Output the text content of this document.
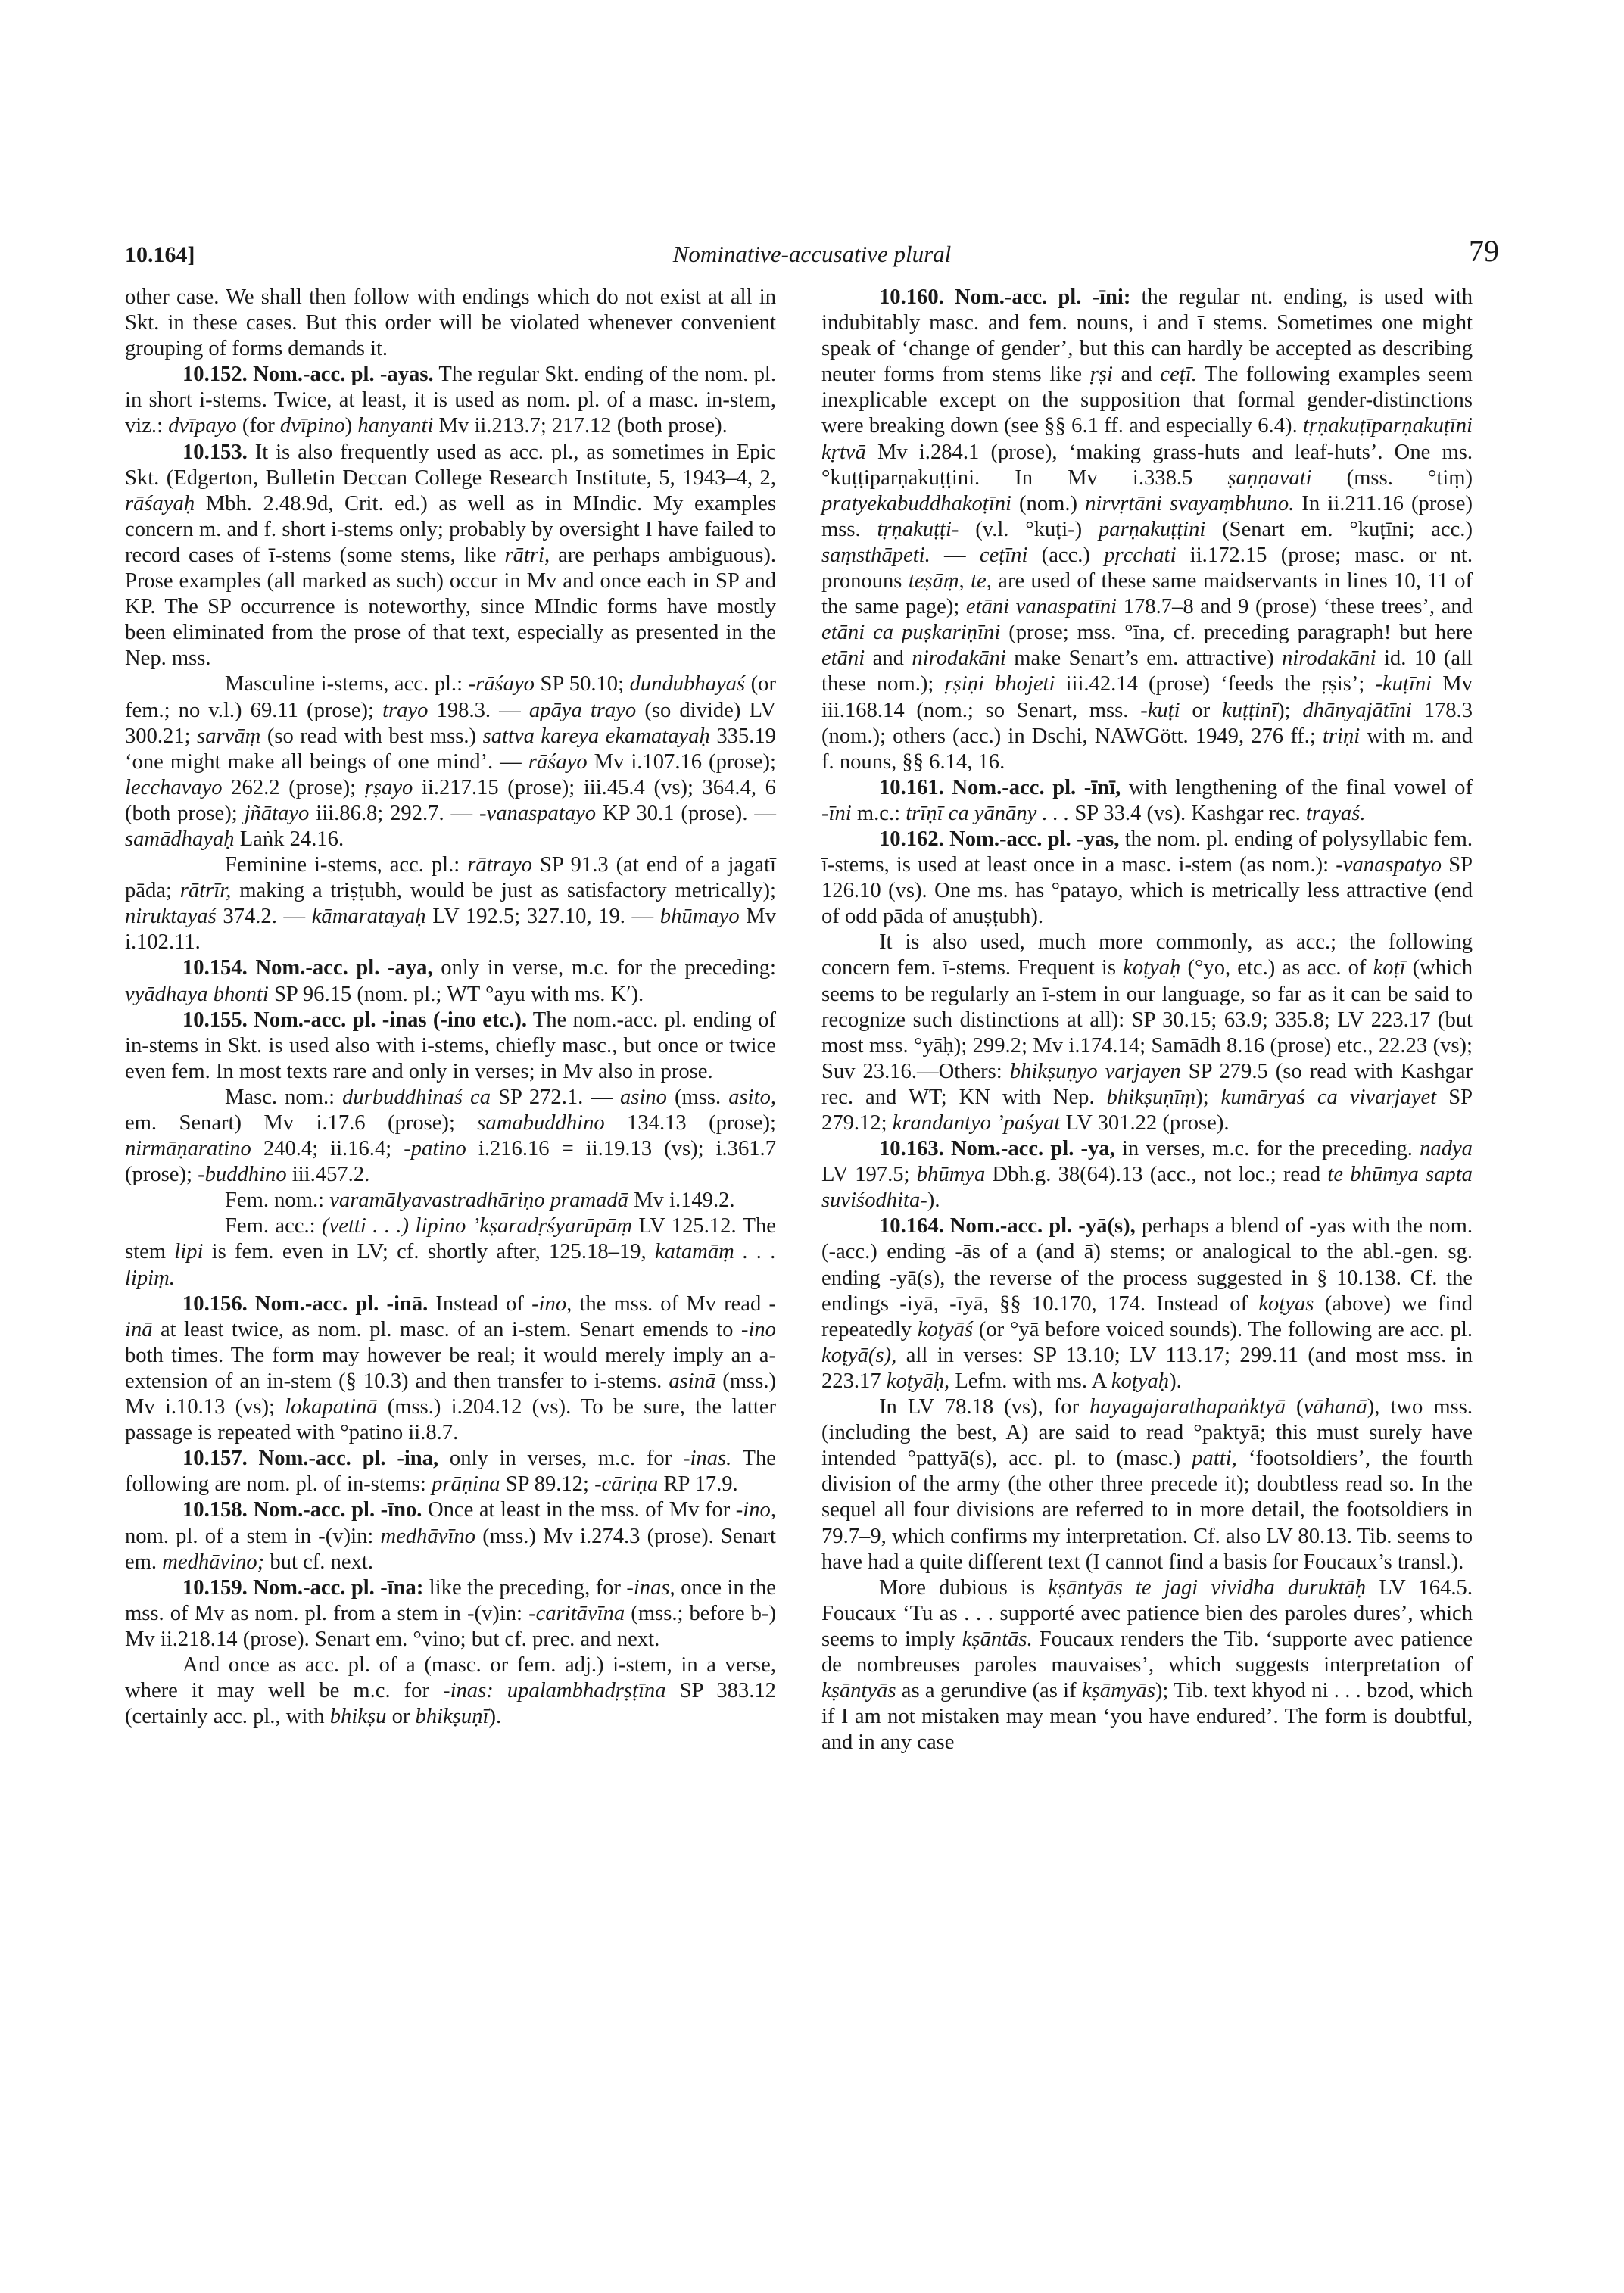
10.164]	Nominative-accusative plural	79

other case. We shall then follow with endings which do not exist at all in Skt. in these cases. But this order will be violated whenever convenient grouping of forms demands it.

10.152. Nom.-acc. pl. -ayas. The regular Skt. ending of the nom. pl. in short i-stems. Twice, at least, it is used as nom. pl. of a masc. in-stem, viz.: dvīpayo (for dvīpino) hanyanti Mv ii.213.7; 217.12 (both prose).

10.153. It is also frequently used as acc. pl., as sometimes in Epic Skt. (Edgerton, Bulletin Deccan College Research Institute, 5, 1943–4, 2, rāśayaḥ Mbh. 2.48.9d, Crit. ed.) as well as in MIndic. My examples concern m. and f. short i-stems only; probably by oversight I have failed to record cases of ī-stems (some stems, like rātri, are perhaps ambiguous). Prose examples (all marked as such) occur in Mv and once each in SP and KP. The SP occurrence is noteworthy, since MIndic forms have mostly been eliminated from the prose of that text, especially as presented in the Nep. mss.

Masculine i-stems, acc. pl.: -rāśayo SP 50.10; dundubhayaś (or fem.; no v.l.) 69.11 (prose); trayo 198.3. — apāya trayo (so divide) LV 300.21; sarvāṃ (so read with best mss.) sattva kareya ekamatayaḥ 335.19 ‘one might make all beings of one mind’. — rāśayo Mv i.107.16 (prose); lecchavayo 262.2 (prose); ṛṣayo ii.217.15 (prose); iii.45.4 (vs); 364.4, 6 (both prose); jñātayo iii.86.8; 292.7. — -vanaspatayo KP 30.1 (prose). — samādhayaḥ Laṅk 24.16.

Feminine i-stems, acc. pl.: rātrayo SP 91.3 (at end of a jagatī pāda; rātrīr, making a triṣṭubh, would be just as satisfactory metrically); niruktayaś 374.2. — kāmaratayaḥ LV 192.5; 327.10, 19. — bhūmayo Mv i.102.11.

10.154. Nom.-acc. pl. -aya, only in verse, m.c. for the preceding: vyādhaya bhonti SP 96.15 (nom. pl.; WT °ayu with ms. K′).

10.155. Nom.-acc. pl. -inas (-ino etc.). The nom.-acc. pl. ending of in-stems in Skt. is used also with i-stems, chiefly masc., but once or twice even fem. In most texts rare and only in verses; in Mv also in prose.

Masc. nom.: durbuddhinaś ca SP 272.1. — asino (mss. asito, em. Senart) Mv i.17.6 (prose); samabuddhino 134.13 (prose); nirmāṇaratino 240.4; ii.16.4; -patino i.216.16 = ii.19.13 (vs); i.361.7 (prose); -buddhino iii.457.2.

Fem. nom.: varamālyavastradhāriṇo pramadā Mv i.149.2.

Fem. acc.: (vetti . . .) lipino ’kṣaradṛśyarūpāṃ LV 125.12. The stem lipi is fem. even in LV; cf. shortly after, 125.18–19, katamāṃ . . . lipiṃ.

10.156. Nom.-acc. pl. -inā. Instead of -ino, the mss. of Mv read -inā at least twice, as nom. pl. masc. of an i-stem. Senart emends to -ino both times. The form may however be real; it would merely imply an a-extension of an in-stem (§ 10.3) and then transfer to i-stems. asinā (mss.) Mv i.10.13 (vs); lokapatinā (mss.) i.204.12 (vs). To be sure, the latter passage is repeated with °patino ii.8.7.

10.157. Nom.-acc. pl. -ina, only in verses, m.c. for -inas. The following are nom. pl. of in-stems: prāṇina SP 89.12; -cāriṇa RP 17.9.

10.158. Nom.-acc. pl. -īno. Once at least in the mss. of Mv for -ino, nom. pl. of a stem in -(v)in: medhāvīno (mss.) Mv i.274.3 (prose). Senart em. medhāvino; but cf. next.

10.159. Nom.-acc. pl. -īna: like the preceding, for -inas, once in the mss. of Mv as nom. pl. from a stem in -(v)in: -caritāvīna (mss.; before b-) Mv ii.218.14 (prose). Senart em. °vino; but cf. prec. and next.

And once as acc. pl. of a (masc. or fem. adj.) i-stem, in a verse, where it may well be m.c. for -inas: upalambhadṛṣṭīna SP 383.12 (certainly acc. pl., with bhikṣu or bhikṣuṇī).

10.160. Nom.-acc. pl. -īni: the regular nt. ending, is used with indubitably masc. and fem. nouns, i and ī stems. Sometimes one might speak of ‘change of gender’, but this can hardly be accepted as describing neuter forms from stems like ṛṣi and ceṭī. The following examples seem inexplicable except on the supposition that formal gender-distinctions were breaking down (see §§ 6.1 ff. and especially 6.4). tṛṇakuṭīparṇakuṭīni kṛtvā Mv i.284.1 (prose), ‘making grass-huts and leaf-huts’. One ms. °kuṭṭiparṇakuṭṭini. In Mv i.338.5 ṣaṇṇavati (mss. °tiṃ) pratyekabuddhakoṭīni (nom.) nirvṛtāni svayaṃbhuno. In ii.211.16 (prose) mss. tṛṇakuṭṭi- (v.l. °kuṭi-) parṇakuṭṭini (Senart em. °kuṭīni; acc.) saṃsthāpeti. — ceṭīni (acc.) pṛcchati ii.172.15 (prose; masc. or nt. pronouns teṣāṃ, te, are used of these same maidservants in lines 10, 11 of the same page); etāni vanaspatīni 178.7–8 and 9 (prose) ‘these trees’, and etāni ca puṣkariṇīni (prose; mss. °īna, cf. preceding paragraph! but here etāni and nirodakāni make Senart’s em. attractive) nirodakāni id. 10 (all these nom.); ṛṣiṇi bhojeti iii.42.14 (prose) ‘feeds the ṛṣis’; -kuṭīni Mv iii.168.14 (nom.; so Senart, mss. -kuṭi or kuṭṭinī); dhānyajātīni 178.3 (nom.); others (acc.) in Dschi, NAWGött. 1949, 276 ff.; triṇi with m. and f. nouns, §§ 6.14, 16.

10.161. Nom.-acc. pl. -īnī, with lengthening of the final vowel of -īni m.c.: trīṇī ca yānāny . . . SP 33.4 (vs). Kashgar rec. trayaś.

10.162. Nom.-acc. pl. -yas, the nom. pl. ending of polysyllabic fem. ī-stems, is used at least once in a masc. i-stem (as nom.): -vanaspatyo SP 126.10 (vs). One ms. has °patayo, which is metrically less attractive (end of odd pāda of anuṣṭubh).

It is also used, much more commonly, as acc.; the following concern fem. ī-stems. Frequent is koṭyaḥ (°yo, etc.) as acc. of koṭī (which seems to be regularly an ī-stem in our language, so far as it can be said to recognize such distinctions at all): SP 30.15; 63.9; 335.8; LV 223.17 (but most mss. °yāḥ); 299.2; Mv i.174.14; Samādh 8.16 (prose) etc., 22.23 (vs); Suv 23.16.—Others: bhikṣuṇyo varjayen SP 279.5 (so read with Kashgar rec. and WT; KN with Nep. bhikṣuṇīṃ); kumāryaś ca vivarjayet SP 279.12; krandantyo ’paśyat LV 301.22 (prose).

10.163. Nom.-acc. pl. -ya, in verses, m.c. for the preceding. nadya LV 197.5; bhūmya Dbh.g. 38(64).13 (acc., not loc.; read te bhūmya sapta suviśodhita-).

10.164. Nom.-acc. pl. -yā(s), perhaps a blend of -yas with the nom.(-acc.) ending -ās of a (and ā) stems; or analogical to the abl.-gen. sg. ending -yā(s), the reverse of the process suggested in § 10.138. Cf. the endings -iyā, -īyā, §§ 10.170, 174. Instead of koṭyas (above) we find repeatedly koṭyāś (or °yā before voiced sounds). The following are acc. pl. koṭyā(s), all in verses: SP 13.10; LV 113.17; 299.11 (and most mss. in 223.17 koṭyāḥ, Lefm. with ms. A koṭyaḥ).

In LV 78.18 (vs), for hayagajarathapaṅktyā (vāhanā), two mss. (including the best, A) are said to read °paktyā; this must surely have intended °pattyā(s), acc. pl. to (masc.) patti, ‘footsoldiers’, the fourth division of the army (the other three precede it); doubtless read so. In the sequel all four divisions are referred to in more detail, the footsoldiers in 79.7–9, which confirms my interpretation. Cf. also LV 80.13. Tib. seems to have had a quite different text (I cannot find a basis for Foucaux’s transl.).

More dubious is kṣāntyās te jagi vividha duruktāḥ LV 164.5. Foucaux ‘Tu as . . . supporté avec patience bien des paroles dures’, which seems to imply kṣāntās. Foucaux renders the Tib. ‘supporte avec patience de nombreuses paroles mauvaises’, which suggests interpretation of kṣāntyās as a gerundive (as if kṣāmyās); Tib. text khyod ni . . . bzod, which if I am not mistaken may mean ‘you have endured’. The form is doubtful, and in any case
